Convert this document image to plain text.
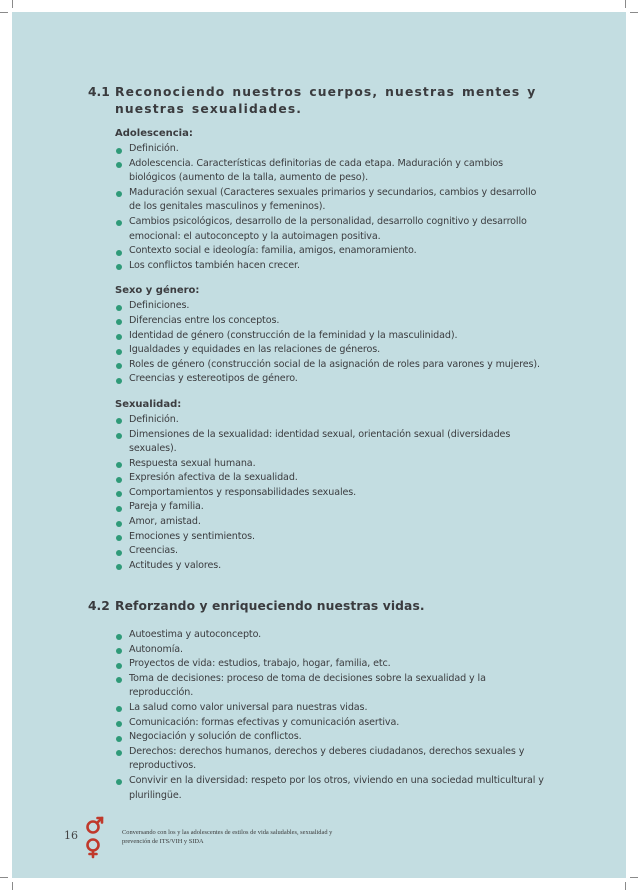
4.1 Reconociendo nuestros cuerpos, nuestras mentes y nuestras sexualidades.
Adolescencia:
Definición.
Adolescencia. Características definitorias de cada etapa. Maduración y cambios biológicos (aumento de la talla, aumento de peso).
Maduración sexual (Caracteres sexuales primarios y secundarios, cambios y desarrollo de los genitales masculinos y femeninos).
Cambios psicológicos, desarrollo de la personalidad, desarrollo cognitivo y desarrollo emocional: el autoconcepto y la autoimagen positiva.
Contexto social e ideología: familia, amigos, enamoramiento.
Los conflictos también hacen crecer.
Sexo y género:
Definiciones.
Diferencias entre los conceptos.
Identidad de género (construcción de la feminidad y la masculinidad).
Igualdades y equidades en las relaciones de géneros.
Roles de género (construcción social de la asignación de roles para varones y mujeres).
Creencias y estereotipos de género.
Sexualidad:
Definición.
Dimensiones de la sexualidad: identidad sexual, orientación sexual (diversidades sexuales).
Respuesta sexual humana.
Expresión afectiva de la sexualidad.
Comportamientos y responsabilidades sexuales.
Pareja y familia.
Amor, amistad.
Emociones y sentimientos.
Creencias.
Actitudes y valores.
4.2 Reforzando y enriqueciendo nuestras vidas.
Autoestima y autoconcepto.
Autonomía.
Proyectos de vida: estudios, trabajo, hogar, familia, etc.
Toma de decisiones: proceso de toma de decisiones sobre la sexualidad y la reproducción.
La salud como valor universal para nuestras vidas.
Comunicación: formas efectivas y comunicación asertiva.
Negociación y solución de conflictos.
Derechos: derechos humanos, derechos y deberes ciudadanos, derechos sexuales y reproductivos.
Convivir en la diversidad: respeto por los otros, viviendo en una sociedad multicultural y plurilingüe.
16	Conversando con los y las adolescentes de estilos de vida saludables, sexualidad y prevención de ITS/VIH y SIDA
